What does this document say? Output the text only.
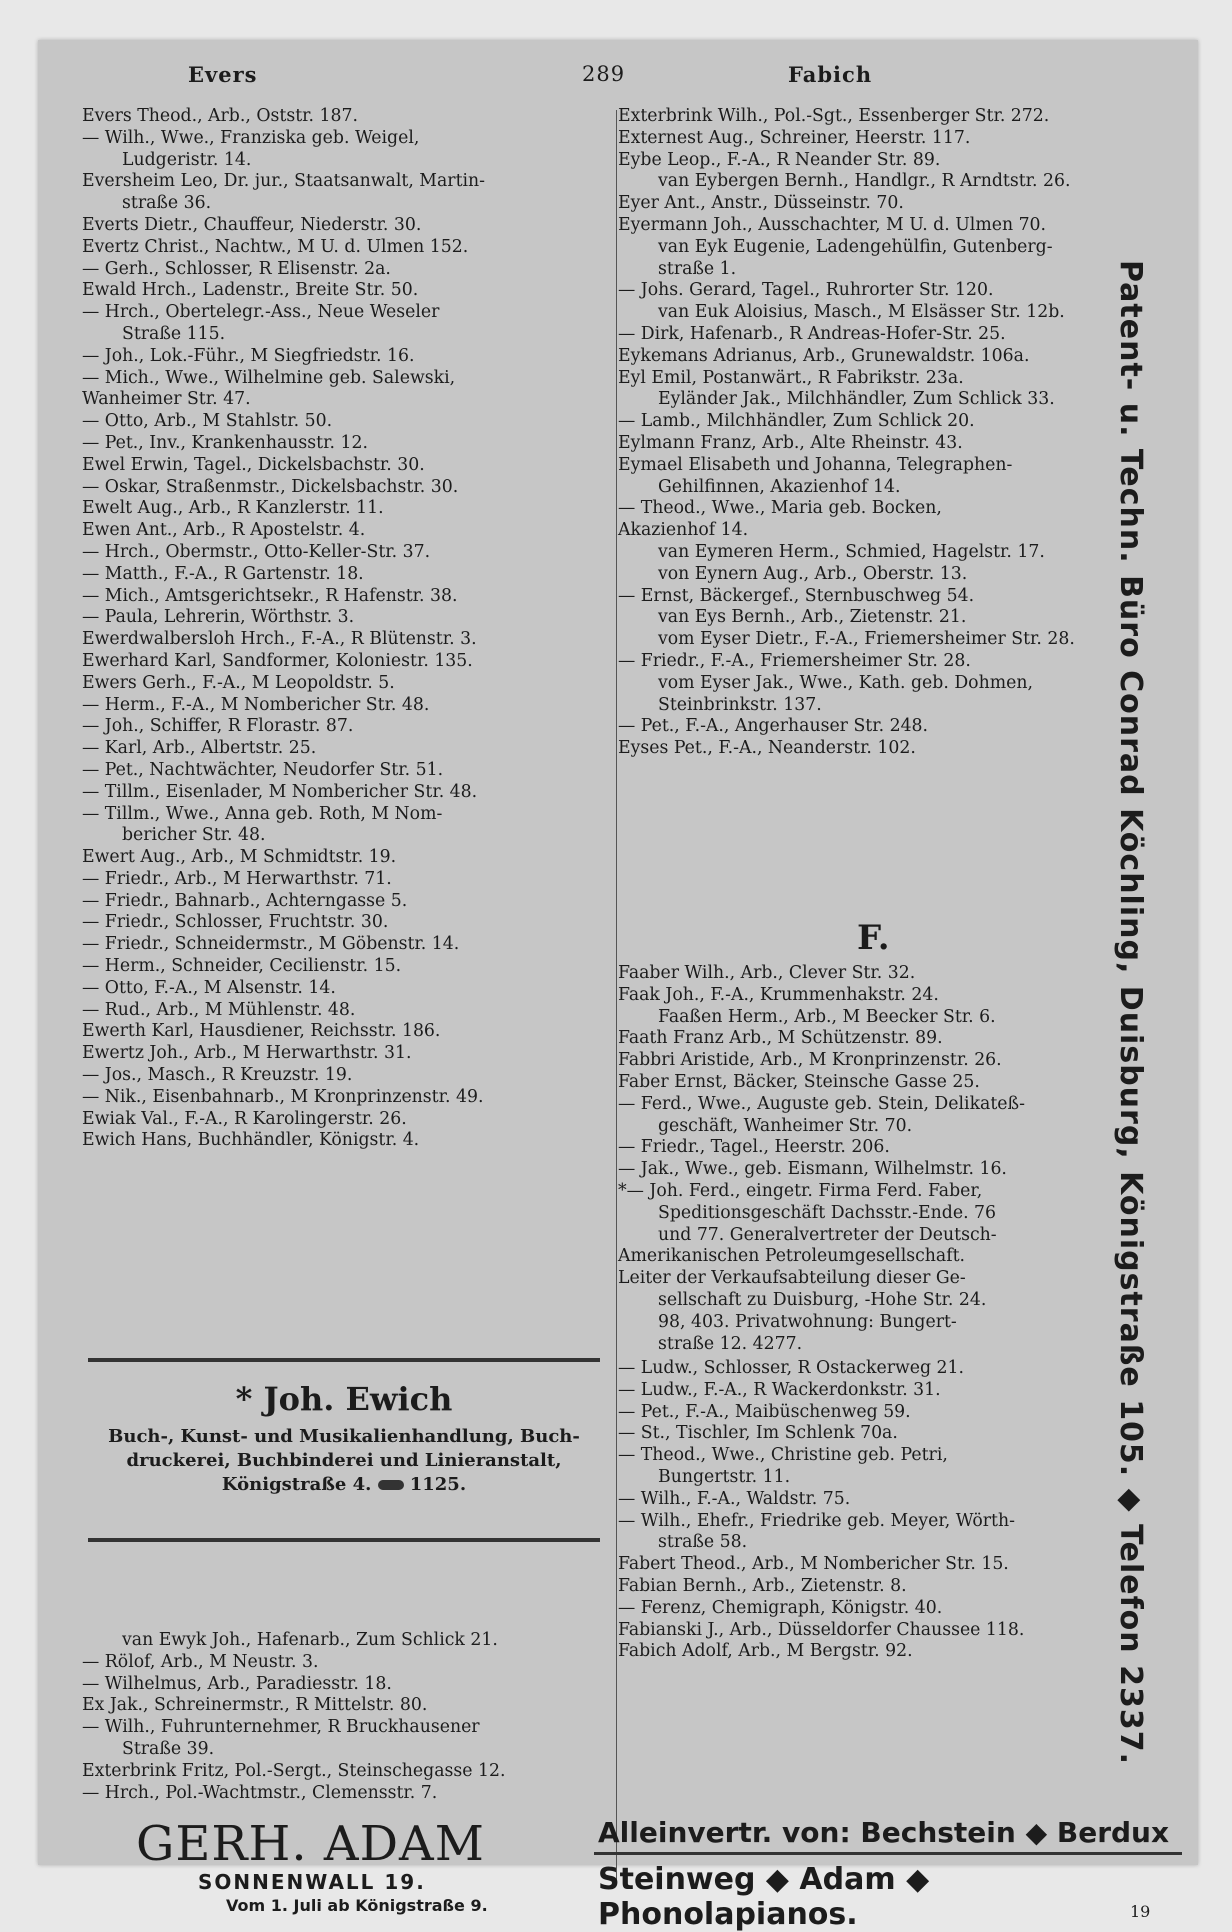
Evers	289	Fabich
Evers Theod., Arb., Oststr. 187.
— Wilh., Wwe., Franziska geb. Weigel,
Ludgeristr. 14.
Eversheim Leo, Dr. jur., Staatsanwalt, Martin-
straße 36.
Everts Dietr., Chauffeur, Niederstr. 30.
Evertz Christ., Nachtw., M U. d. Ulmen 152.
— Gerh., Schlosser, R Elisenstr. 2a.
Ewald Hrch., Ladenstr., Breite Str. 50.
— Hrch., Obertelegr.-Ass., Neue Weseler
Straße 115.
— Joh., Lok.-Führ., M Siegfriedstr. 16.
— Mich., Wwe., Wilhelmine geb. Salewski,
Wanheimer Str. 47.
— Otto, Arb., M Stahlstr. 50.
— Pet., Inv., Krankenhausstr. 12.
Ewel Erwin, Tagel., Dickelsbachstr. 30.
— Oskar, Straßenmstr., Dickelsbachstr. 30.
Ewelt Aug., Arb., R Kanzlerstr. 11.
Ewen Ant., Arb., R Apostelstr. 4.
— Hrch., Obermstr., Otto-Keller-Str. 37.
— Matth., F.-A., R Gartenstr. 18.
— Mich., Amtsgerichtsekr., R Hafenstr. 38.
— Paula, Lehrerin, Wörthstr. 3.
Ewerdwalbersloh Hrch., F.-A., R Blütenstr. 3.
Ewerhard Karl, Sandformer, Koloniestr. 135.
Ewers Gerh., F.-A., M Leopoldstr. 5.
— Herm., F.-A., M Nombericher Str. 48.
— Joh., Schiffer, R Florastr. 87.
— Karl, Arb., Albertstr. 25.
— Pet., Nachtwächter, Neudorfer Str. 51.
— Tillm., Eisenlader, M Nombericher Str. 48.
— Tillm., Wwe., Anna geb. Roth, M Nom-
bericher Str. 48.
Ewert Aug., Arb., M Schmidtstr. 19.
— Friedr., Arb., M Herwarthstr. 71.
— Friedr., Bahnarb., Achterngasse 5.
— Friedr., Schlosser, Fruchtstr. 30.
— Friedr., Schneidermstr., M Göbenstr. 14.
— Herm., Schneider, Cecilienstr. 15.
— Otto, F.-A., M Alsenstr. 14.
— Rud., Arb., M Mühlenstr. 48.
Ewerth Karl, Hausdiener, Reichsstr. 186.
Ewertz Joh., Arb., M Herwarthstr. 31.
— Jos., Masch., R Kreuzstr. 19.
— Nik., Eisenbahnarb., M Kronprinzenstr. 49.
Ewiak Val., F.-A., R Karolingerstr. 26.
Ewich Hans, Buchhändler, Königstr. 4.
* Joh. Ewich
Buch-, Kunst- und Musikalienhandlung, Buch-
druckerei, Buchbinderei und Linieranstalt,
Königstraße 4. 1125.
van Ewyk Joh., Hafenarb., Zum Schlick 21.
— Rölof, Arb., M Neustr. 3.
— Wilhelmus, Arb., Paradiesstr. 18.
Ex Jak., Schreinermstr., R Mittelstr. 80.
— Wilh., Fuhrunternehmer, R Bruckhausener
Straße 39.
Exterbrink Fritz, Pol.-Sergt., Steinschegasse 12.
— Hrch., Pol.-Wachtmstr., Clemensstr. 7.
Exterbrink Wilh., Pol.-Sgt., Essenberger Str. 272.
Externest Aug., Schreiner, Heerstr. 117.
Eybe Leop., F.-A., R Neander Str. 89.
van Eybergen Bernh., Handlgr., R Arndtstr. 26.
Eyer Ant., Anstr., Düsseinstr. 70.
Eyermann Joh., Ausschachter, M U. d. Ulmen 70.
van Eyk Eugenie, Ladengehülfin, Gutenberg-
straße 1.
— Johs. Gerard, Tagel., Ruhrorter Str. 120.
van Euk Aloisius, Masch., M Elsässer Str. 12b.
— Dirk, Hafenarb., R Andreas-Hofer-Str. 25.
Eykemans Adrianus, Arb., Grunewaldstr. 106a.
Eyl Emil, Postanwärt., R Fabrikstr. 23a.
Eyländer Jak., Milchhändler, Zum Schlick 33.
— Lamb., Milchhändler, Zum Schlick 20.
Eylmann Franz, Arb., Alte Rheinstr. 43.
Eymael Elisabeth und Johanna, Telegraphen-
Gehilfinnen, Akazienhof 14.
— Theod., Wwe., Maria geb. Bocken,
Akazienhof 14.
van Eymeren Herm., Schmied, Hagelstr. 17.
von Eynern Aug., Arb., Oberstr. 13.
— Ernst, Bäckergef., Sternbuschweg 54.
van Eys Bernh., Arb., Zietenstr. 21.
vom Eyser Dietr., F.-A., Friemersheimer Str. 28.
— Friedr., F.-A., Friemersheimer Str. 28.
vom Eyser Jak., Wwe., Kath. geb. Dohmen,
Steinbrinkstr. 137.
— Pet., F.-A., Angerhauser Str. 248.
Eyses Pet., F.-A., Neanderstr. 102.
F.
Faaber Wilh., Arb., Clever Str. 32.
Faak Joh., F.-A., Krummenhakstr. 24.
Faaßen Herm., Arb., M Beecker Str. 6.
Faath Franz Arb., M Schützenstr. 89.
Fabbri Aristide, Arb., M Kronprinzenstr. 26.
Faber Ernst, Bäcker, Steinsche Gasse 25.
— Ferd., Wwe., Auguste geb. Stein, Delikateß-
geschäft, Wanheimer Str. 70.
— Friedr., Tagel., Heerstr. 206.
— Jak., Wwe., geb. Eismann, Wilhelmstr. 16.
*— Joh. Ferd., eingetr. Firma Ferd. Faber,
Speditionsgeschäft Dachsstr.-Ende. 76
und 77. Generalvertreter der Deutsch-
Amerikanischen Petroleumgesellschaft.
Leiter der Verkaufsabteilung dieser Ge-
sellschaft zu Duisburg, -Hohe Str. 24.
98, 403. Privatwohnung: Bungert-
straße 12. 4277.
— Ludw., Schlosser, R Ostackerweg 21.
— Ludw., F.-A., R Wackerdonkstr. 31.
— Pet., F.-A., Maibüschenweg 59.
— St., Tischler, Im Schlenk 70a.
— Theod., Wwe., Christine geb. Petri,
Bungertstr. 11.
— Wilh., F.-A., Waldstr. 75.
— Wilh., Ehefr., Friedrike geb. Meyer, Wörth-
straße 58.
Fabert Theod., Arb., M Nombericher Str. 15.
Fabian Bernh., Arb., Zietenstr. 8.
— Ferenz, Chemigraph, Königstr. 40.
Fabianski J., Arb., Düsseldorfer Chaussee 118.
Fabich Adolf, Arb., M Bergstr. 92.	Patent- u. Techn. Büro Conrad Köchling, Duisburg, Königstraße 105. ◆ Telefon 2337.
GERH. ADAM
SONNENWALL 19.
Vom 1. Juli ab Königstraße 9.
Alleinvertr. von: Bechstein ◆ Berdux
Steinweg ◆ Adam ◆ Phonolapianos.	19
